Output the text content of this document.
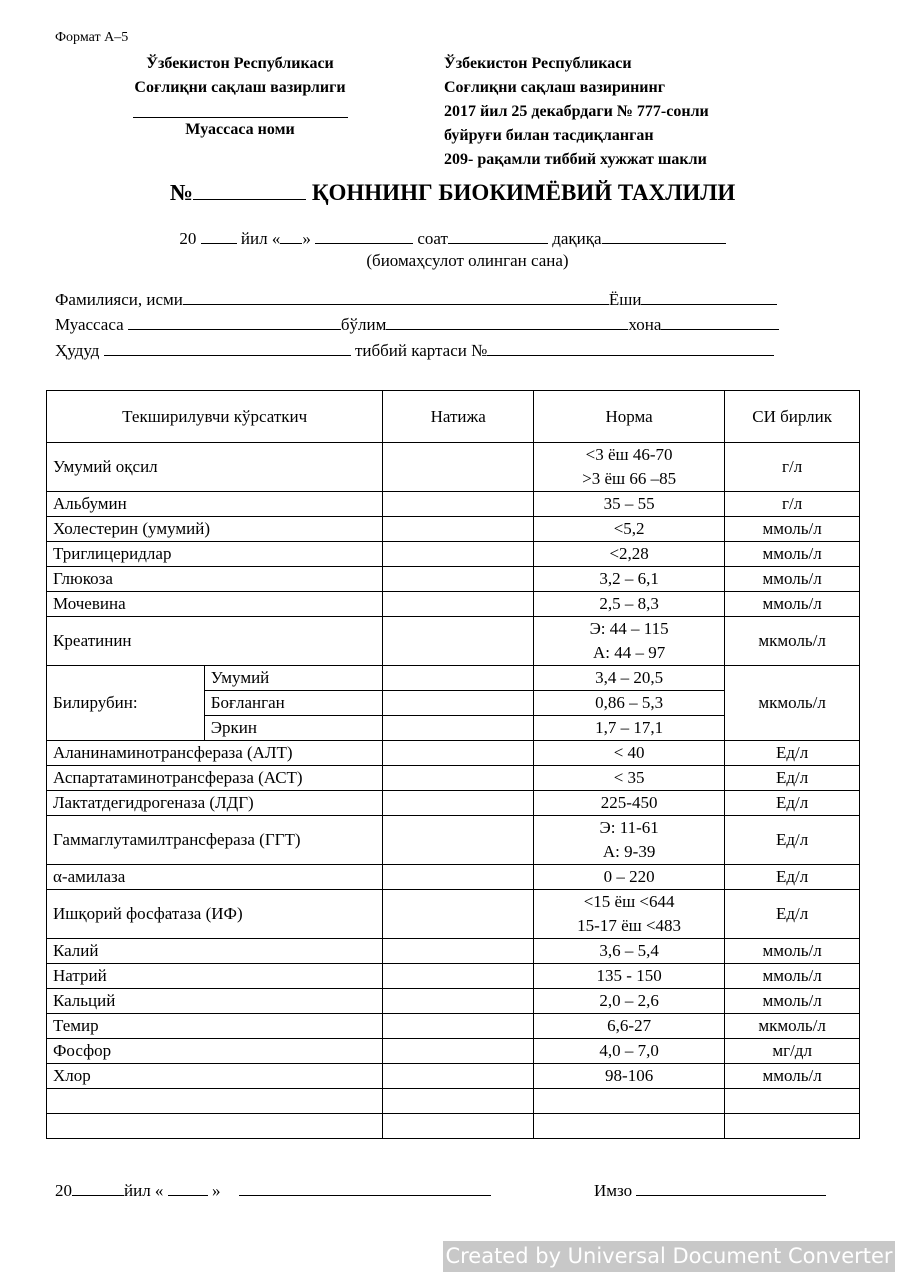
Формат А–5
Ўзбекистон Республикаси
Соғлиқни сақлаш вазирлиги
Муассаса номи
Ўзбекистон Республикаси
Соғлиқни сақлаш вазирининг
2017 йил 25 декабрдаги № 777-сонли
буйруғи билан тасдиқланган
209- рақамли тиббий хужжат шакли
№	ҚОННИНГ БИОКИМЁВИЙ ТАХЛИЛИ
20	йил « »	соат	дақиқа
(биомаҳсулот олинган сана)
Фамилияси, исми	Ёши
Муассаса	бўлим	хона
Ҳудуд	тиббий картаси №
Текширилувчи кўрсаткич		Натижа	Норма	СИ бирлик
Умумий оқсил			<3 ёш 46-70
>3 ёш 66 –85	г/л
Альбумин			35 – 55	г/л
Холестерин (умумий)			<5,2	ммоль/л
Триглицеридлар			<2,28	ммоль/л
Глюкоза			3,2 – 6,1	ммоль/л
Мочевина			2,5 – 8,3	ммоль/л
Креатинин			Э: 44 – 115
А: 44 – 97	мкмоль/л
Билирубин:	Умумий		3,4 – 20,5	мкмоль/л
	Боғланган		0,86 – 5,3	
	Эркин		1,7 – 17,1	
Аланинаминотрансфераза (АЛТ)			< 40	Ед/л
Аспартатаминотрансфераза (АСТ)			< 35	Ед/л
Лактатдегидрогеназа (ЛДГ)			225-450	Ед/л
Гаммаглутамилтрансфераза (ГГТ)			Э: 11-61
А: 9-39	Ед/л
α-амилаза			0 – 220	Ед/л
Ишқорий фосфатаза (ИФ)			<15 ёш <644
15-17 ёш <483	Ед/л
Калий			3,6 – 5,4	ммоль/л
Натрий			135 - 150	ммоль/л
Кальций			2,0 – 2,6	ммоль/л
Темир			6,6-27	мкмоль/л
Фосфор			4,0 – 7,0	мг/дл
Хлор			98-106	ммоль/л

20	йил «	»	Имзо
Created by Universal Document Converter
